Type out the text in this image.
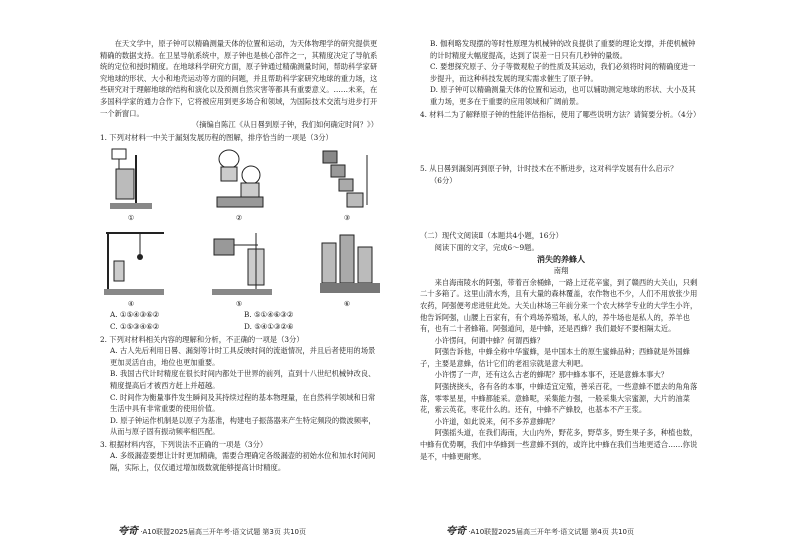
在天文学中，原子钟可以精确测量天体的位置和运动，为天体物理学的研究提供更精确的数据支持。在卫星导航系统中，原子钟也是核心部件之一，其精度决定了导航系统的定位和授时精度。在地球科学研究方面，原子钟通过精确测量时间，帮助科学家研究地球的形状、大小和地壳运动等方面的问题，并且帮助科学家研究地球的重力场，这些研究对于理解地球的结构和演化以及预测自然灾害等都具有重要意义。……未来，在多国科学家的通力合作下，它将被应用到更多场合和领域，为国际技术交流与进步打开一个新窗口。

（摘编自陈江《从日晷到原子钟，我们如何确定时间？》）

1. 下列对材料一中关于漏刻发展历程的图解，排序恰当的一项是（3分）

①	②	③
④	⑤	⑥
A. ①⑤④③⑥②	B. ⑤①④⑥③②
C. ①⑤③④⑥②	D. ⑤④①③②⑥

2. 下列对材料相关内容的理解和分析，不正确的一项是（3分）

A. 古人先后利用日晷、漏刻等计时工具反映时间的流逝情况，并且后者使用的场景更加灵活自由，地位也更加重要。

B. 我国古代计时精度在很长时间内都处于世界的前列，直到十八世纪机械钟改良、精度提高后才被西方赶上并超越。

C. 时间作为衡量事件发生瞬间及其持续过程的基本物理量，在自然科学领域和日常生活中具有非常重要的使用价值。

D. 原子钟运作机制是以原子为基准，构建电子振荡器来产生特定频段的微波频率，从而与原子固有振动频率相匹配。

3. 根据材料内容，下列说法不正确的一项是（3分）

A. 多级漏壶要想让计时更加精确，需要合理确定各级漏壶的初始水位和加水时间间隔，实际上，仅仅通过增加级数就能够提高计时精度。

B. 伽利略发现摆的等时性原理为机械钟的改良提供了重要的理论支撑，并使机械钟的计时精度大幅度提高，达到了误差一日只有几秒钟的量级。

C. 要想探究原子、分子等微观粒子的性质及其运动，我们必须将时间的精确度进一步提升，而这种科技发展的现实需求催生了原子钟。

D. 原子钟可以精确测量天体的位置和运动，也可以辅助测定地球的形状、大小及其重力场，更多在于重要的应用领域和广阔前景。

4. 材料二为了解释原子钟的性能评估指标，使用了哪些说明方法？请简要分析。（4分）

5. 从日晷到漏刻再到原子钟，计时技术在不断进步，这对科学发展有什么启示？

（6分）

（二）现代文阅读Ⅱ（本题共4小题，16分）

阅读下面的文字，完成6～9题。

消失的养蜂人

南翔

来自海南陵水的阿强，带着百余桶蜂，一路上迂花辛蜜，到了赣西的大关山，只剩二十多箱了。这里山清水秀，且有大量的森林覆盖，农作物也不少，人们不用放张少用农药，阿强便考虑进驻此处。大关山林场三年前分来一个农大林学专业的大学生小许，他告诉阿强，山腰上百家有，有个鸡场养殖场，私人的，养牛场也是私人的，养羊也有，也有二十者蜂箱。阿强道问，是中蜂，还是西蜂？我们最好不要相隔太近。

小许愣问，何谓中蜂？何谓西蜂？

阿强告诉他，中蜂全称中华蜜蜂，是中国本土的原生蜜蜂品种；西蜂就是外国蜂子，主要是意蜂，估计它们的老祖宗就是意大利吧。

小许愣了一声，还有这么古老的蜂呢？那中蜂本事不，还是意蜂本事大？

阿强挠挠头，各有各的本事，中蜂适宜定殖，善采百花，一些意蜂不愿去的角角落落，零零星星，中蜂都能采。意蜂呢，采集能力强，一般采集大宗蜜源，大片的油菜花，紫云英花，枣花什么的。还有，中蜂不产蜂胶，也基本不产王浆。

小许道，如此说来，何不多养意蜂呢？

阿强摇头道，在我们海南，大山内外，野花多，野草多，野生果子多，种植也数，中蜂有优势啊，我们中华蜂到一些意蜂不到的，或许比中蜂在我们当地更适合……你说是不，中蜂更耐寒。

夸奇 ·A10联盟2025届高三开年考·语文试题 第3页 共10页	夸奇 ·A10联盟2025届高三开年考·语文试题 第4页 共10页
